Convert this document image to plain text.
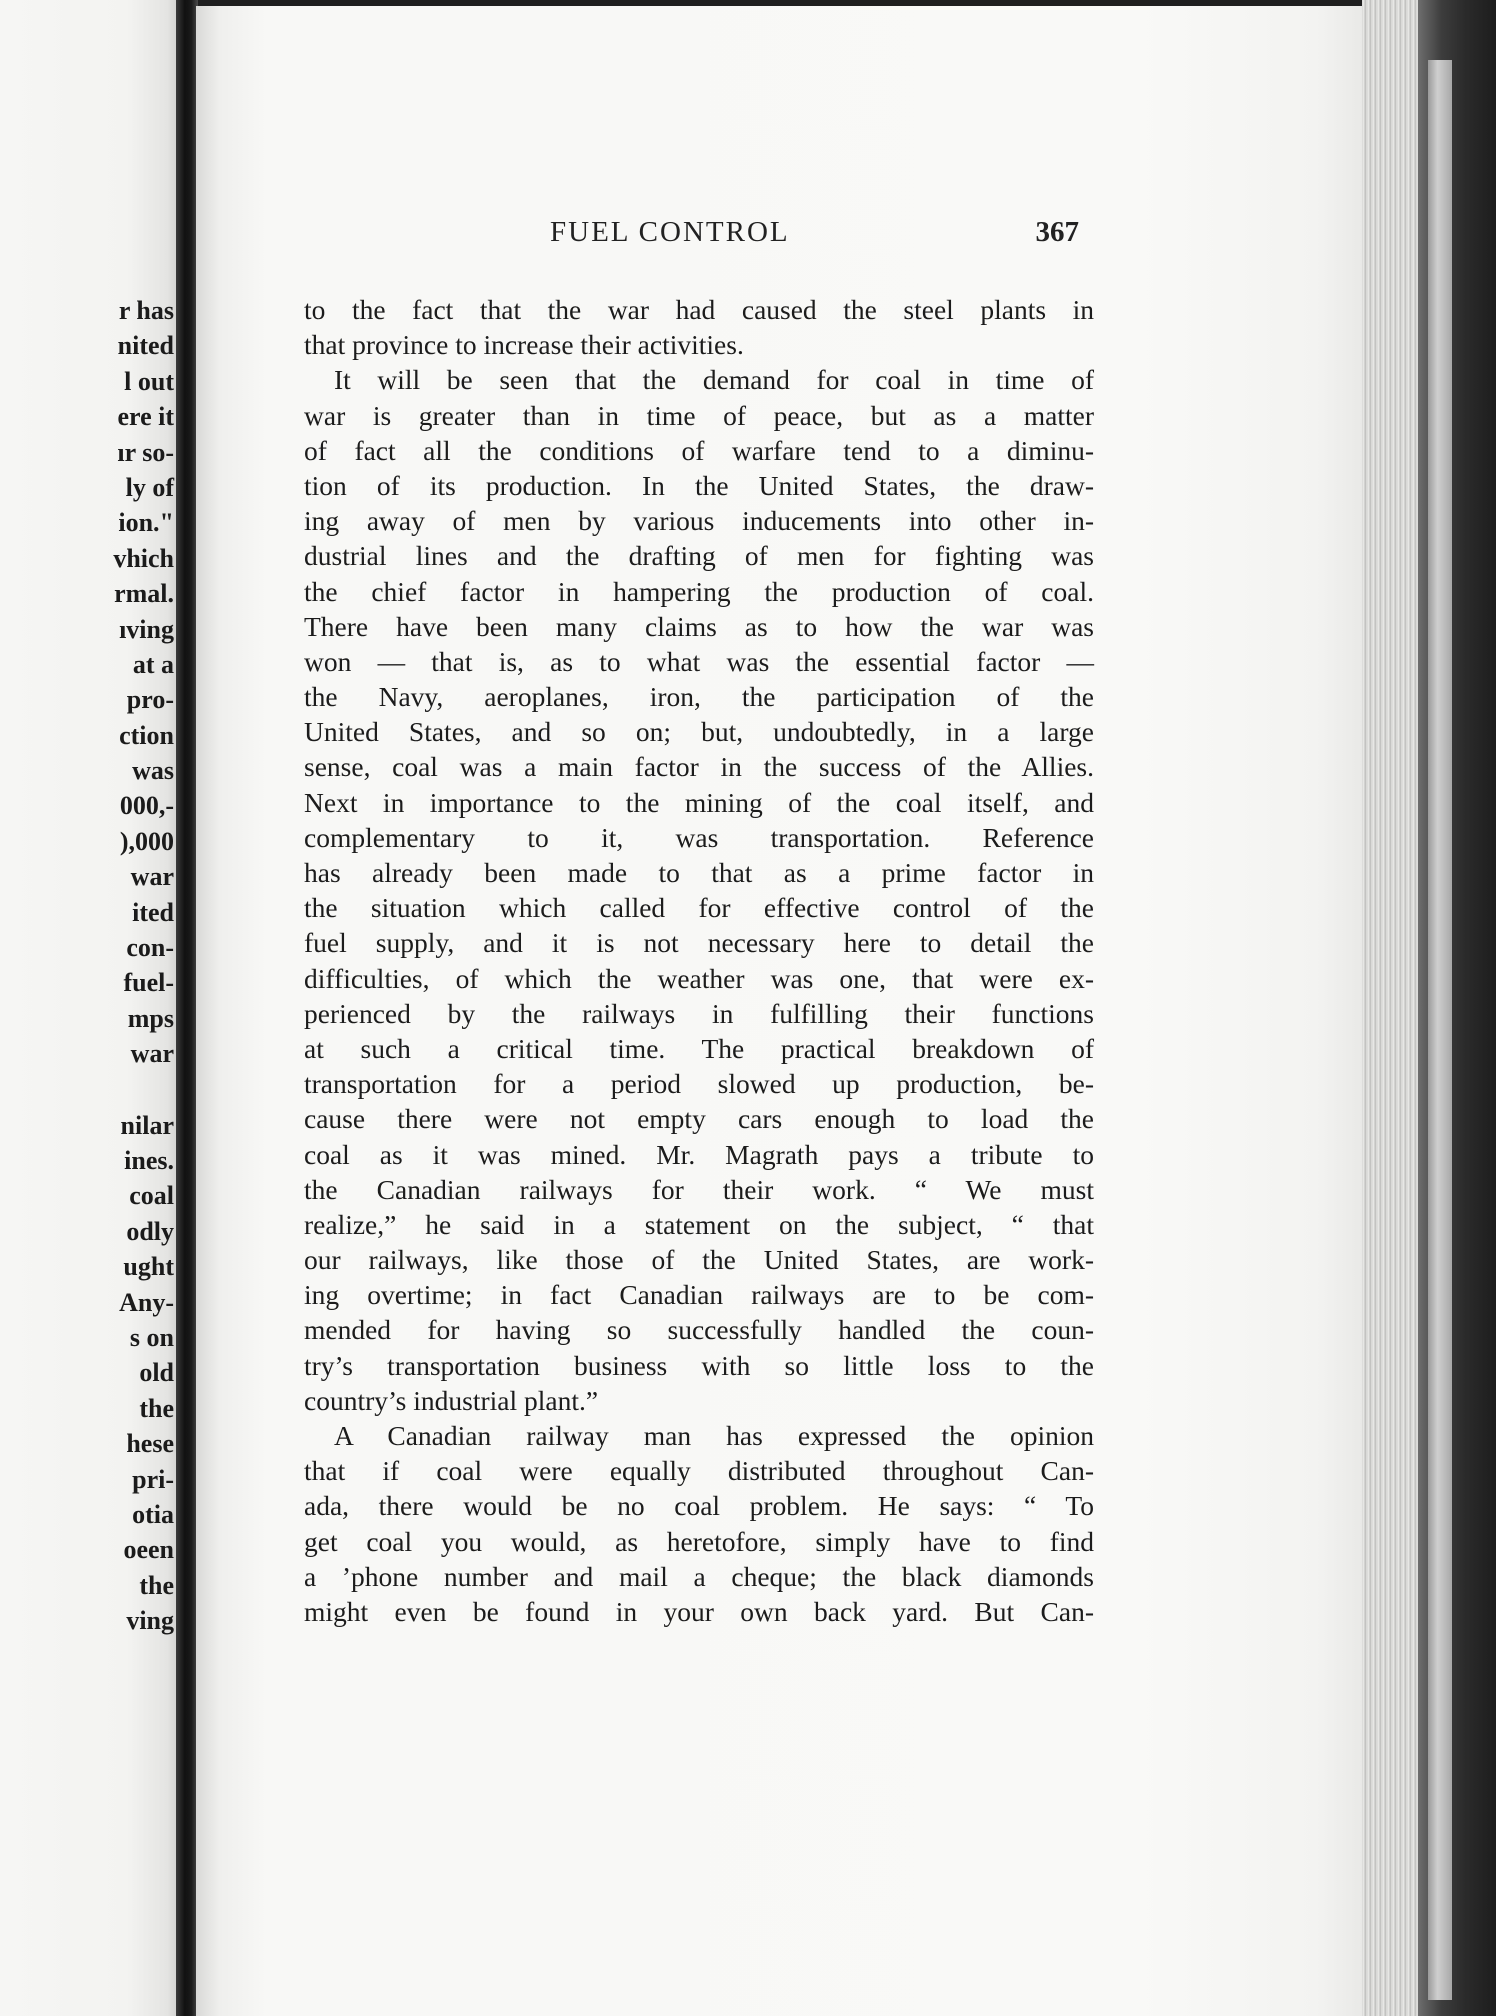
r has
nited
l out
ere it
ır so-
ly of
ion."
vhich
rmal.
ıving
at a
pro-
ction
was
000,-
),000
war
ited
con-
fuel-
mps
war
nilar
ines.
coal
odly
ught
Any-
s on
old
the
hese
pri-
otia
oeen
the
ving
FUEL CONTROL	367
to the fact that the war had caused the steel plants in
that province to increase their activities.
It will be seen that the demand for coal in time of
war is greater than in time of peace, but as a matter
of fact all the conditions of warfare tend to a diminu-
tion of its production. In the United States, the draw-
ing away of men by various inducements into other in-
dustrial lines and the drafting of men for fighting was
the chief factor in hampering the production of coal.
There have been many claims as to how the war was
won — that is, as to what was the essential factor —
the Navy, aeroplanes, iron, the participation of the
United States, and so on; but, undoubtedly, in a large
sense, coal was a main factor in the success of the Allies.
Next in importance to the mining of the coal itself, and
complementary to it, was transportation. Reference
has already been made to that as a prime factor in
the situation which called for effective control of the
fuel supply, and it is not necessary here to detail the
difficulties, of which the weather was one, that were ex-
perienced by the railways in fulfilling their functions
at such a critical time. The practical breakdown of
transportation for a period slowed up production, be-
cause there were not empty cars enough to load the
coal as it was mined. Mr. Magrath pays a tribute to
the Canadian railways for their work. “ We must
realize,” he said in a statement on the subject, “ that
our railways, like those of the United States, are work-
ing overtime; in fact Canadian railways are to be com-
mended for having so successfully handled the coun-
try’s transportation business with so little loss to the
country’s industrial plant.”
A Canadian railway man has expressed the opinion
that if coal were equally distributed throughout Can-
ada, there would be no coal problem. He says: “ To
get coal you would, as heretofore, simply have to find
a ’phone number and mail a cheque; the black diamonds
might even be found in your own back yard. But Can-
